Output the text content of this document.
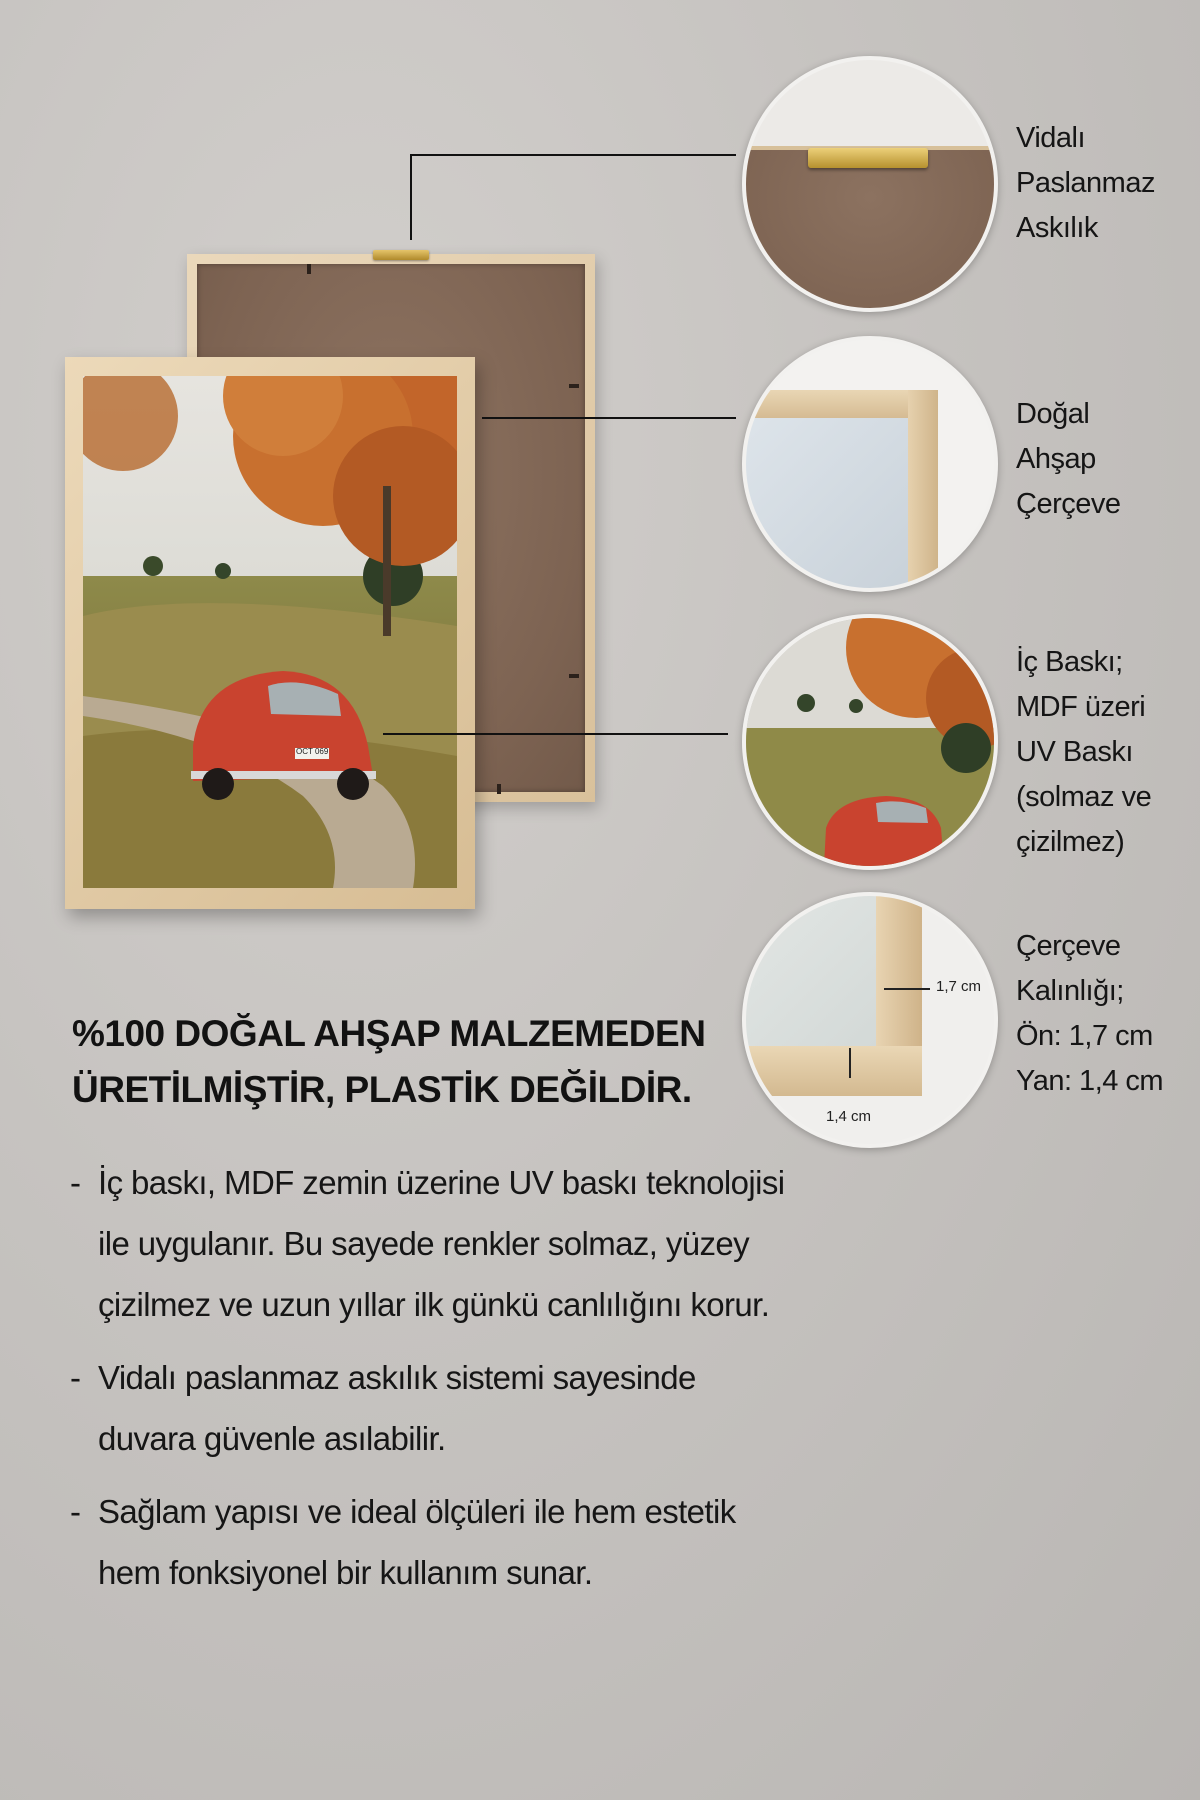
OCT 069
1,7 cm
1,4 cm
Vidalı
Paslanmaz
Askılık
Doğal
Ahşap
Çerçeve
İç Baskı;
MDF üzeri
UV Baskı
(solmaz ve
çizilmez)
Çerçeve
Kalınlığı;
Ön: 1,7 cm
Yan: 1,4 cm
%100 DOĞAL AHŞAP MALZEMEDEN
ÜRETİLMİŞTİR, PLASTİK DEĞİLDİR.
- İç baskı, MDF zemin üzerine UV baskı teknolojisi ile uygulanır. Bu sayede renkler solmaz, yüzey çizilmez ve uzun yıllar ilk günkü canlılığını korur.
- Vidalı paslanmaz askılık sistemi sayesinde duvara güvenle asılabilir.
- Sağlam yapısı ve ideal ölçüleri ile hem estetik hem fonksiyonel bir kullanım sunar.
